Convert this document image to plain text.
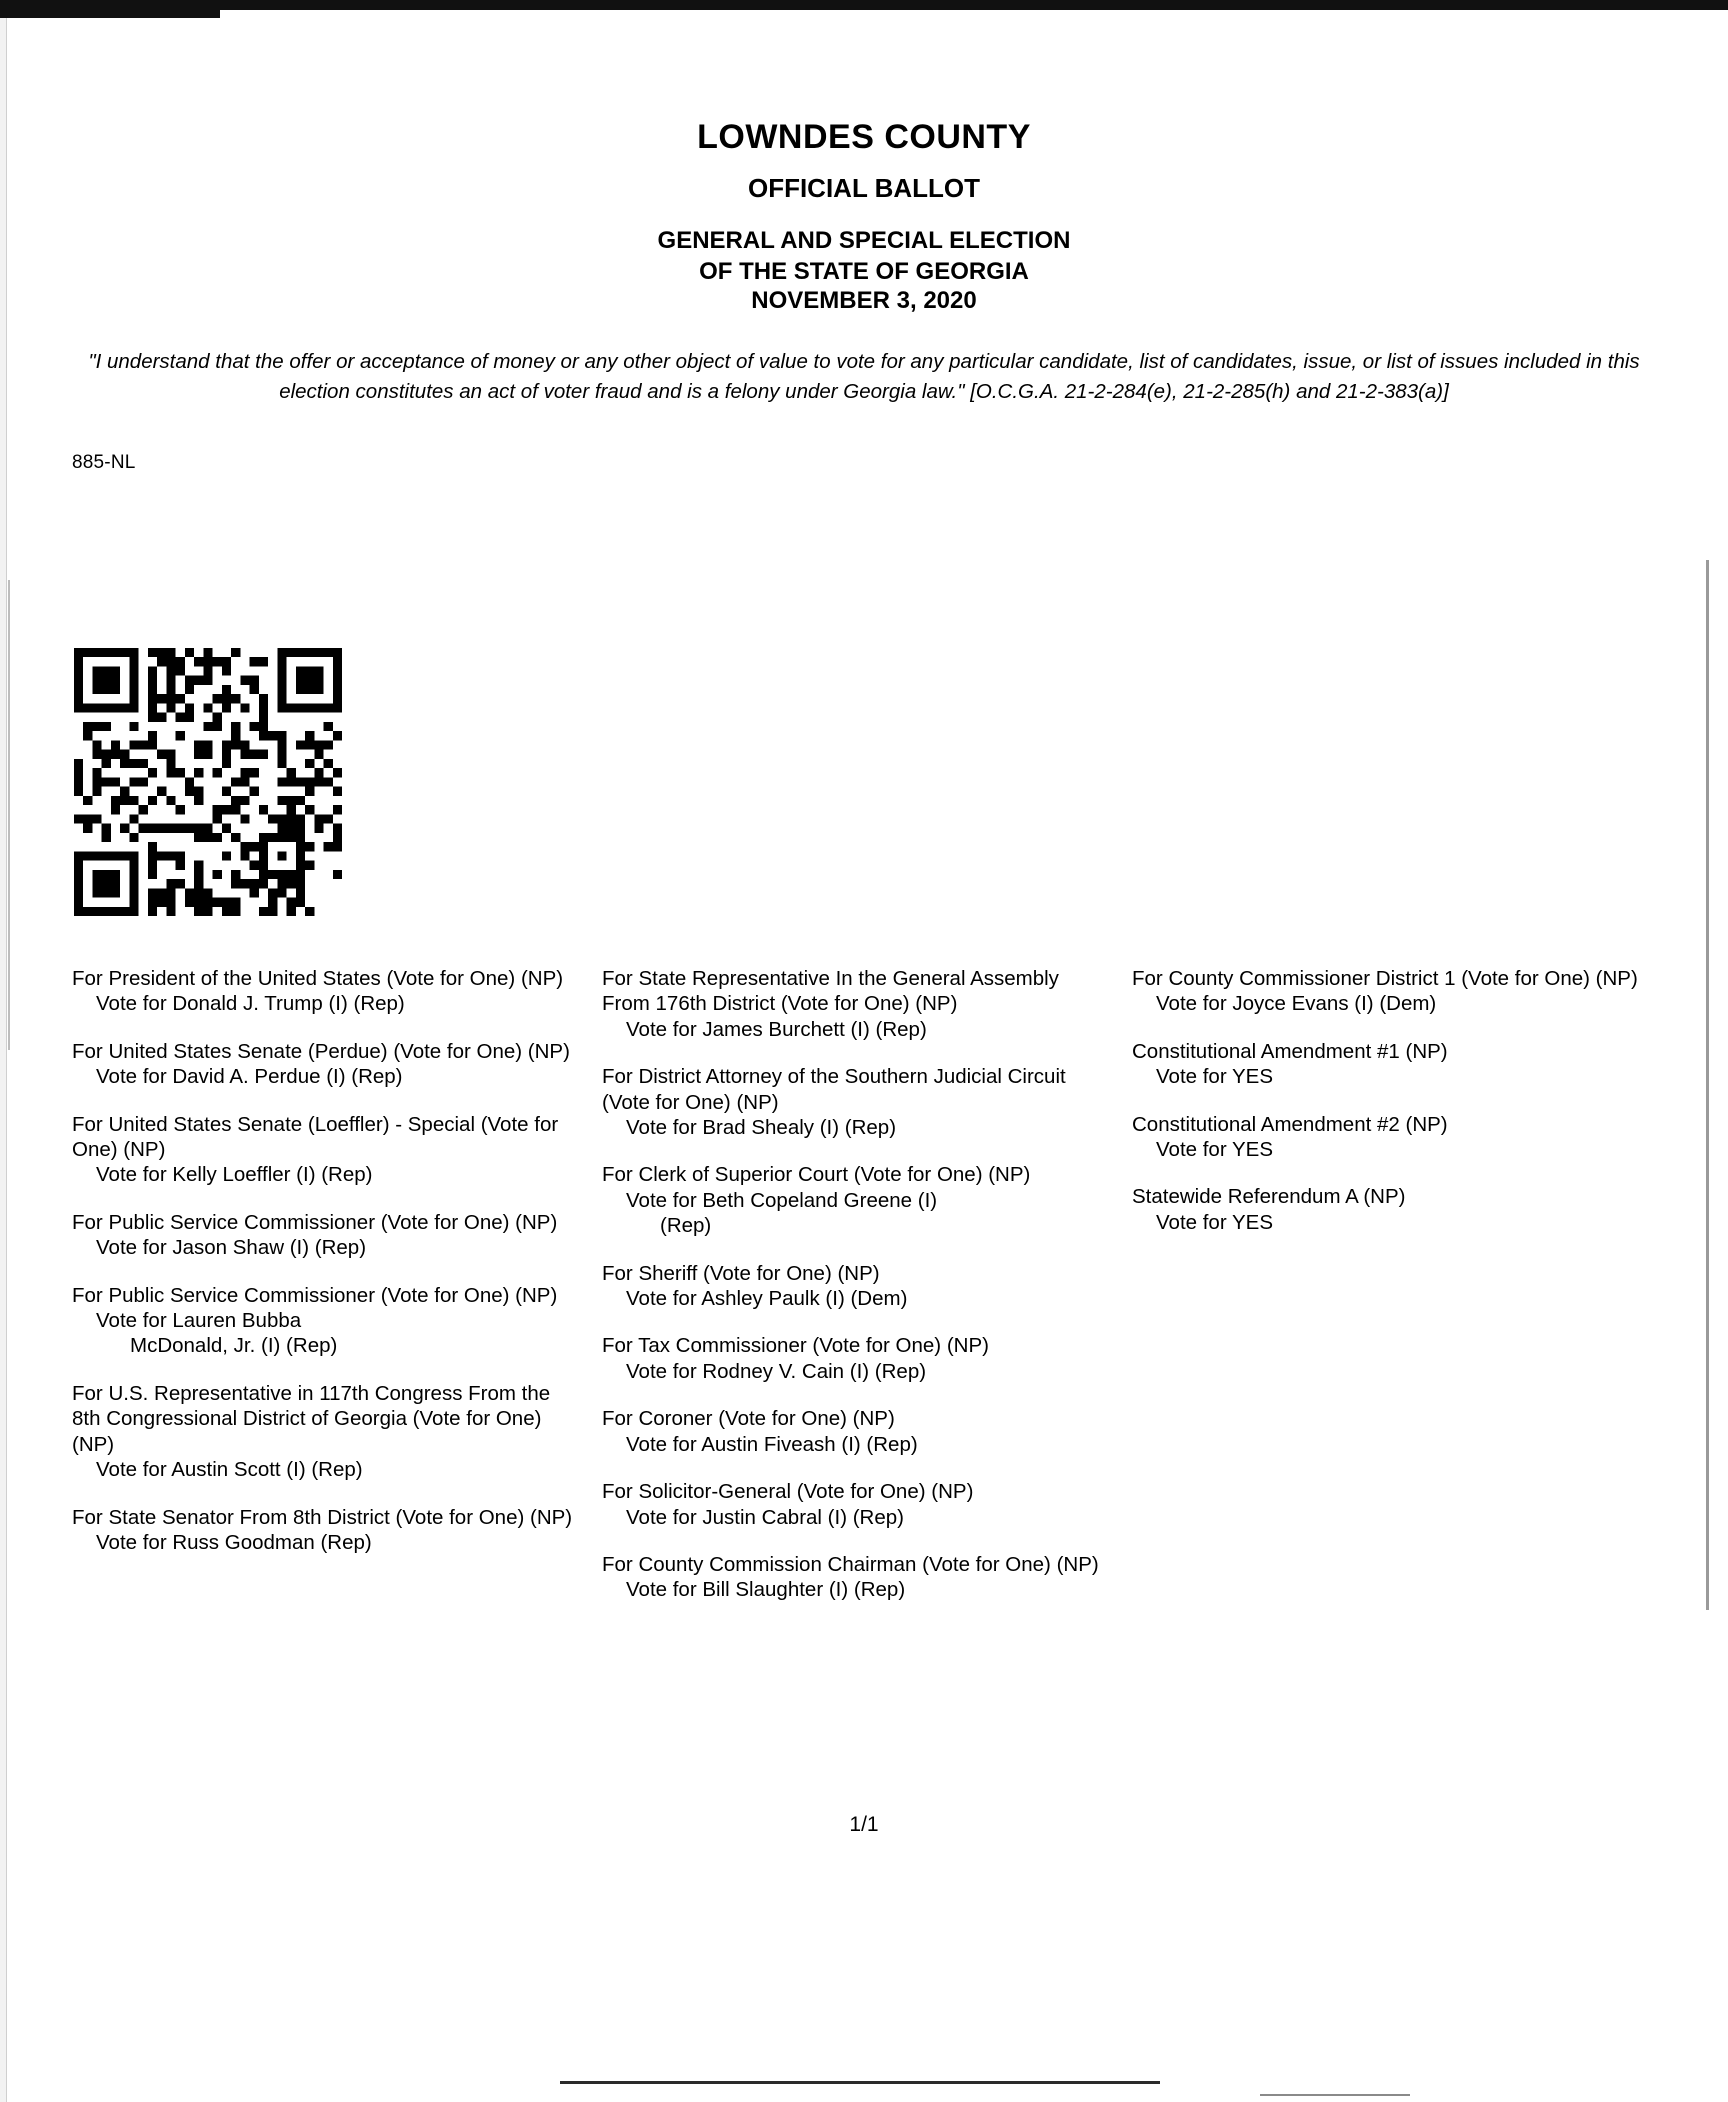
LOWNDES COUNTY
OFFICIAL BALLOT
GENERAL AND SPECIAL ELECTION
OF THE STATE OF GEORGIA
NOVEMBER 3, 2020
"I understand that the offer or acceptance of money or any other object of value to vote for any particular candidate, list of candidates, issue, or list of issues included in this election constitutes an act of voter fraud and is a felony under Georgia law." [O.C.G.A. 21-2-284(e), 21-2-285(h) and 21-2-383(a)]
885-NL
For President of the United States (Vote for One) (NP)
Vote for Donald J. Trump (I) (Rep)
For United States Senate (Perdue) (Vote for One) (NP)
Vote for David A. Perdue (I) (Rep)
For United States Senate (Loeffler) - Special (Vote for One) (NP)
Vote for Kelly Loeffler (I) (Rep)
For Public Service Commissioner (Vote for One) (NP)
Vote for Jason Shaw (I) (Rep)
For Public Service Commissioner (Vote for One) (NP)
Vote for Lauren Bubba
McDonald, Jr. (I) (Rep)
For U.S. Representative in 117th Congress From the 8th Congressional District of Georgia (Vote for One) (NP)
Vote for Austin Scott (I) (Rep)
For State Senator From 8th District (Vote for One) (NP)
Vote for Russ Goodman (Rep)
For State Representative In the General Assembly From 176th District (Vote for One) (NP)
Vote for James Burchett (I) (Rep)
For District Attorney of the Southern Judicial Circuit (Vote for One) (NP)
Vote for Brad Shealy (I) (Rep)
For Clerk of Superior Court (Vote for One) (NP)
Vote for Beth Copeland Greene (I)
(Rep)
For Sheriff (Vote for One) (NP)
Vote for Ashley Paulk (I) (Dem)
For Tax Commissioner (Vote for One) (NP)
Vote for Rodney V. Cain (I) (Rep)
For Coroner (Vote for One) (NP)
Vote for Austin Fiveash (I) (Rep)
For Solicitor-General (Vote for One) (NP)
Vote for Justin Cabral (I) (Rep)
For County Commission Chairman (Vote for One) (NP)
Vote for Bill Slaughter (I) (Rep)
For County Commissioner District 1 (Vote for One) (NP)
Vote for Joyce Evans (I) (Dem)
Constitutional Amendment #1 (NP)
Vote for YES
Constitutional Amendment #2 (NP)
Vote for YES
Statewide Referendum A (NP)
Vote for YES
1/1
